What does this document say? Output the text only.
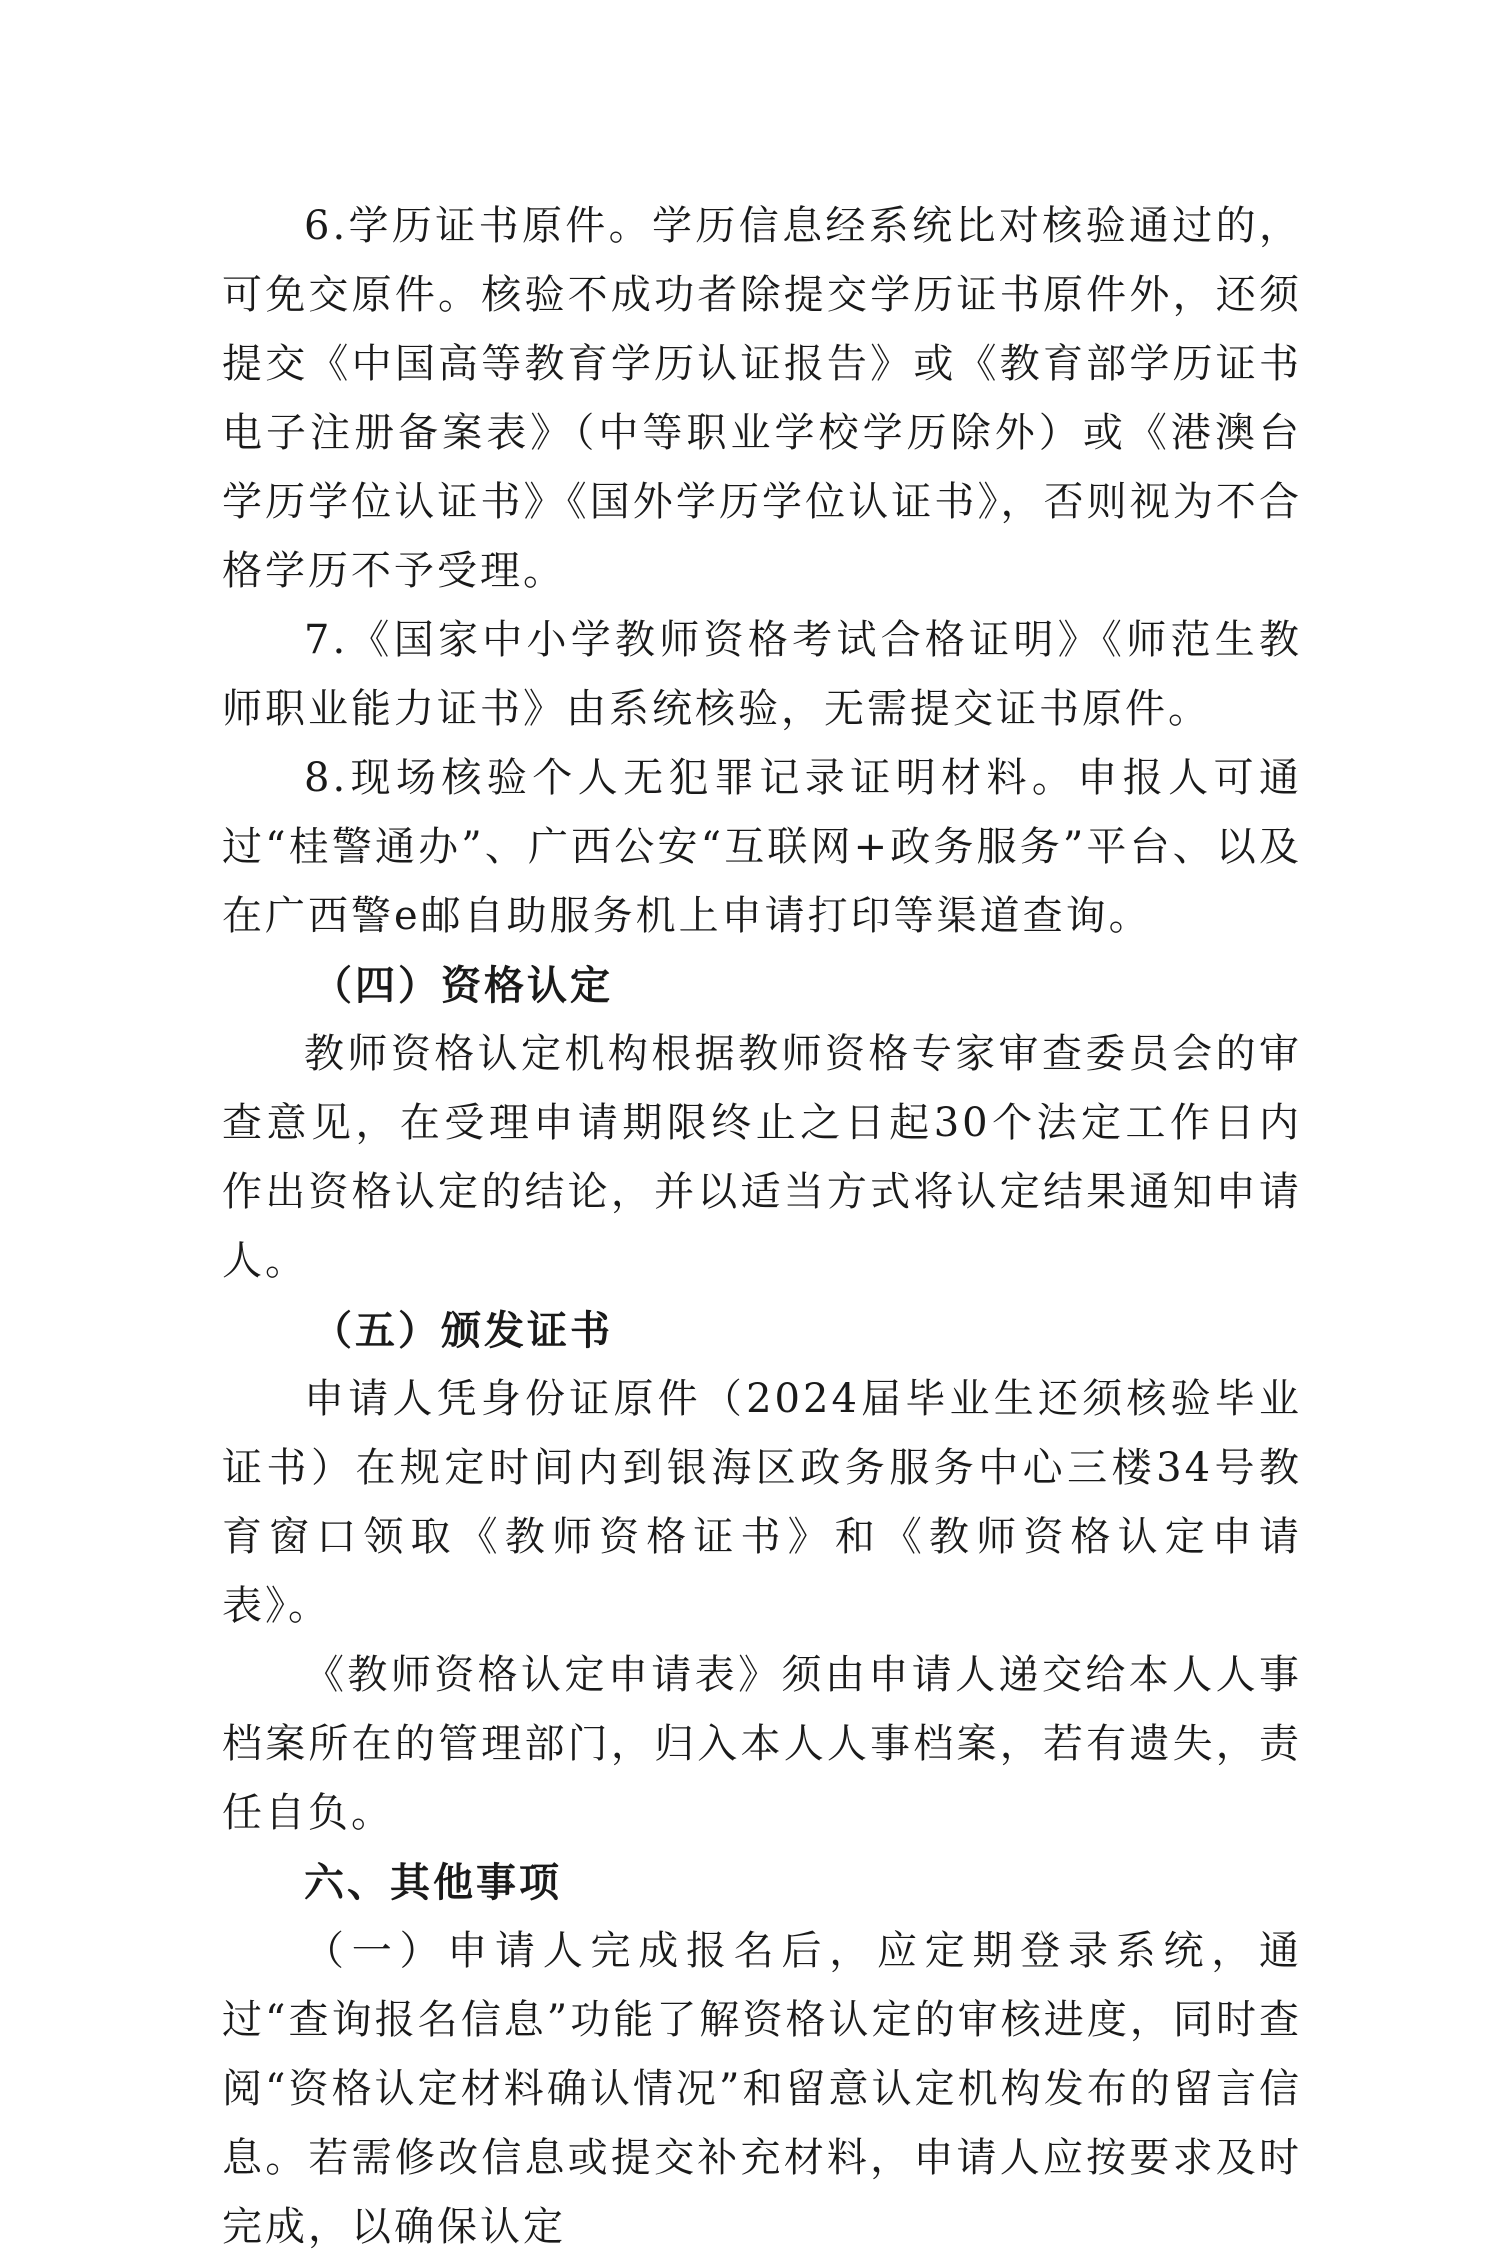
6.学历证书原件。学历信息经系统比对核验通过的，可免交原件。核验不成功者除提交学历证书原件外，还须提交《中国高等教育学历认证报告》或《教育部学历证书电子注册备案表》（中等职业学校学历除外）或《港澳台学历学位认证书》《国外学历学位认证书》，否则视为不合格学历不予受理。

7.《国家中小学教师资格考试合格证明》《师范生教师职业能力证书》由系统核验，无需提交证书原件。

8.现场核验个人无犯罪记录证明材料。申报人可通过“桂警通办”、广西公安“互联网+政务服务”平台、以及在广西警e邮自助服务机上申请打印等渠道查询。

（四）资格认定

教师资格认定机构根据教师资格专家审查委员会的审查意见，在受理申请期限终止之日起30个法定工作日内作出资格认定的结论，并以适当方式将认定结果通知申请人。

（五）颁发证书

申请人凭身份证原件（2024届毕业生还须核验毕业证书）在规定时间内到银海区政务服务中心三楼34号教育窗口领取《教师资格证书》和《教师资格认定申请表》。

《教师资格认定申请表》须由申请人递交给本人人事档案所在的管理部门，归入本人人事档案，若有遗失，责任自负。

六、其他事项

（一）申请人完成报名后，应定期登录系统，通过“查询报名信息”功能了解资格认定的审核进度，同时查阅“资格认定材料确认情况”和留意认定机构发布的留言信息。若需修改信息或提交补充材料，申请人应按要求及时完成，以确保认定
